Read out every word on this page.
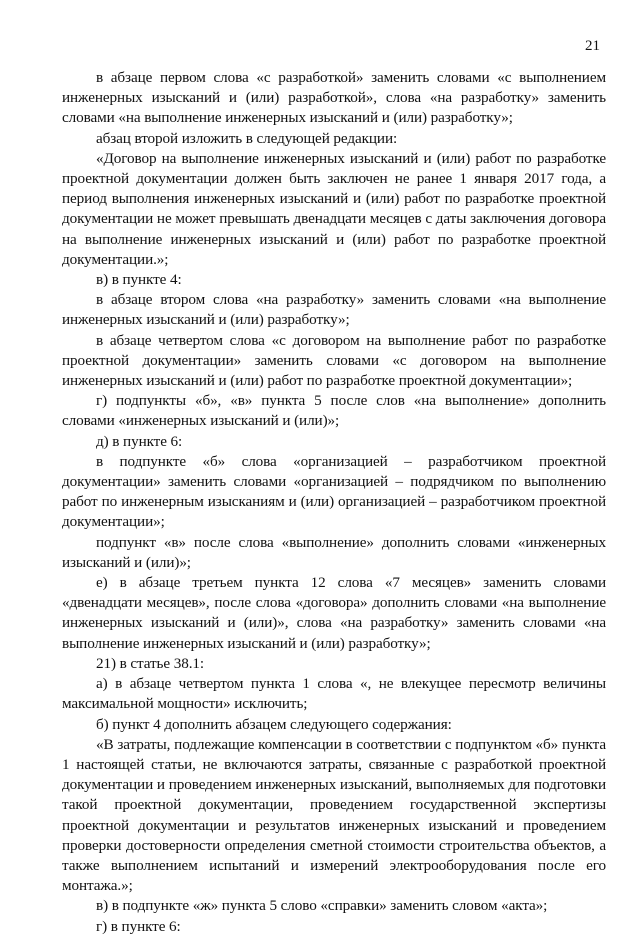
21

в абзаце первом слова «с разработкой» заменить словами «с выполнением инженерных изысканий и (или) разработкой», слова «на разработку» заменить словами «на выполнение инженерных изысканий и (или) разработку»;

абзац второй изложить в следующей редакции:

«Договор на выполнение инженерных изысканий и (или) работ по разработке проектной документации должен быть заключен не ранее 1 января 2017 года, а период выполнения инженерных изысканий и (или) работ по разработке проектной документации не может превышать двенадцати месяцев с даты заключения договора на выполнение инженерных изысканий и (или) работ по разработке проектной документации.»;

в) в пункте 4:

в абзаце втором слова «на разработку» заменить словами «на выполнение инженерных изысканий и (или) разработку»;

в абзаце четвертом слова «с договором на выполнение работ по разработке проектной документации» заменить словами «с договором на выполнение инженерных изысканий и (или) работ по разработке проектной документации»;

г) подпункты «б», «в» пункта 5 после слов «на выполнение» дополнить словами «инженерных изысканий и (или)»;

д) в пункте 6:

в подпункте «б» слова «организацией – разработчиком проектной документации» заменить словами «организацией – подрядчиком по выполнению работ по инженерным изысканиям и (или) организацией – разработчиком проектной документации»;

подпункт «в» после слова «выполнение» дополнить словами «инженерных изысканий и (или)»;

е) в абзаце третьем пункта 12 слова «7 месяцев» заменить словами «двенадцати месяцев», после слова «договора» дополнить словами «на выполнение инженерных изысканий и (или)», слова «на разработку» заменить словами «на выполнение инженерных изысканий и (или) разработку»;

21) в статье 38.1:

а) в абзаце четвертом пункта 1 слова «, не влекущее пересмотр величины максимальной мощности» исключить;

б) пункт 4 дополнить абзацем следующего содержания:

«В затраты, подлежащие компенсации в соответствии с подпунктом «б» пункта 1 настоящей статьи, не включаются затраты, связанные с разработкой проектной документации и проведением инженерных изысканий, выполняемых для подготовки такой проектной документации, проведением государственной экспертизы проектной документации и результатов инженерных изысканий и проведением проверки достоверности определения сметной стоимости строительства объектов, а также выполнением испытаний и измерений электрооборудования после его монтажа.»;

в) в подпункте «ж» пункта 5 слово «справки» заменить словом «акта»;

г) в пункте 6:
